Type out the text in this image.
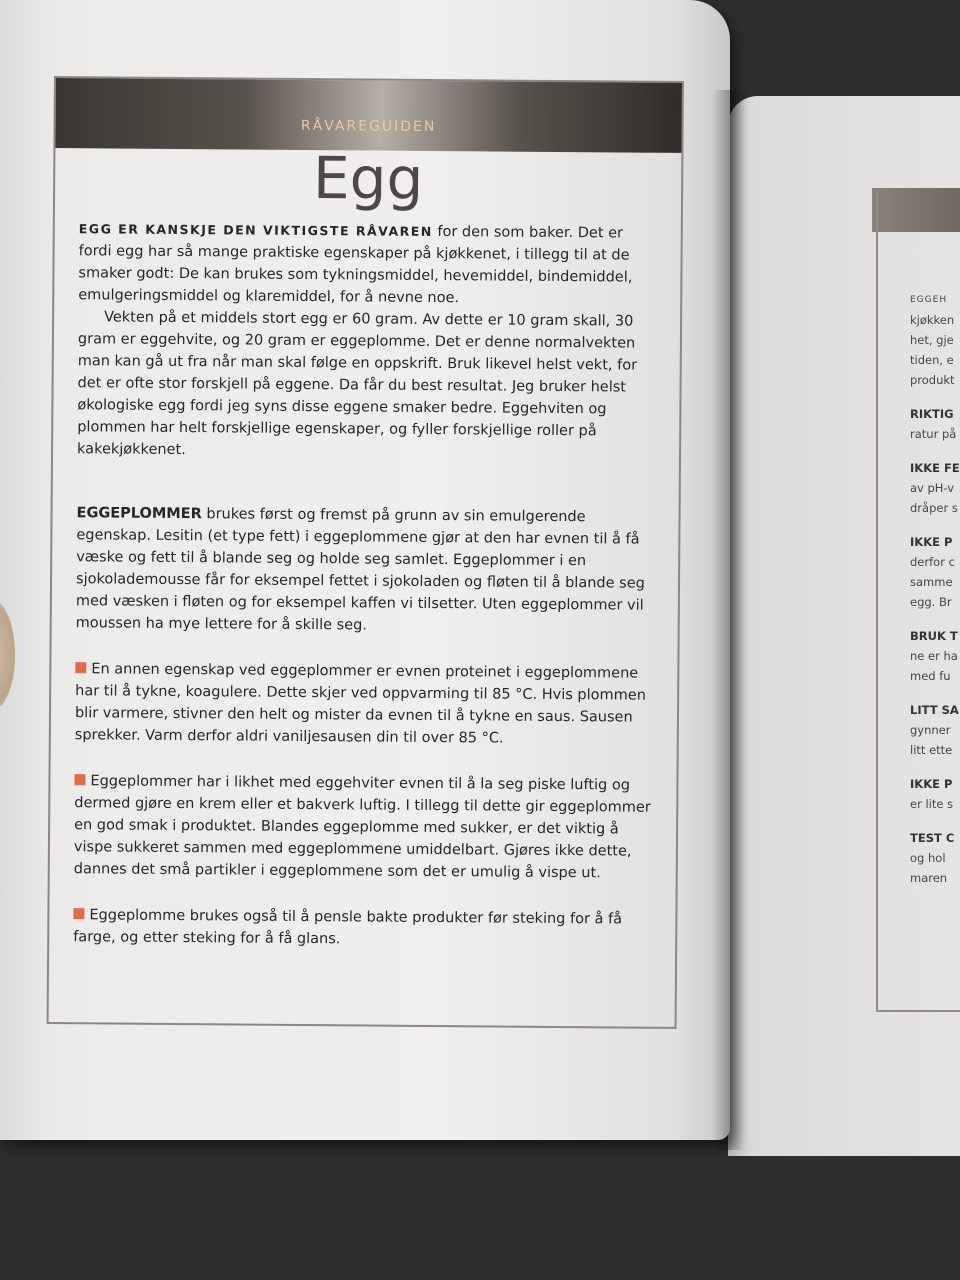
EGGEH
kjøkken
het, gje
tiden, e
produkt
RIKTIG
ratur på
IKKE FE
av pH-v
dråper s
IKKE P
derfor c
samme
egg. Br
BRUK T
ne er ha
med fu
LITT SA
gynner
litt ette
IKKE P
er lite s
TEST C
og hol
maren
RÅVAREGUIDEN
Egg

EGG ER KANSKJE DEN VIKTIGSTE RÅVAREN for den som baker. Det er fordi egg har så mange praktiske egenskaper på kjøkkenet, i tillegg til at de smaker godt: De kan brukes som tykningsmiddel, hevemiddel, bindemiddel, emulgeringsmiddel og klaremiddel, for å nevne noe.

Vekten på et middels stort egg er 60 gram. Av dette er 10 gram skall, 30 gram er eggehvite, og 20 gram er eggeplomme. Det er denne normalvekten man kan gå ut fra når man skal følge en oppskrift. Bruk likevel helst vekt, for det er ofte stor forskjell på eggene. Da får du best resultat. Jeg bruker helst økologiske egg fordi jeg syns disse eggene smaker bedre. Eggehviten og plommen har helt forskjellige egenskaper, og fyller forskjellige roller på kakekjøkkenet.

EGGEPLOMMER brukes først og fremst på grunn av sin emulgerende egenskap. Lesitin (et type fett) i eggeplommene gjør at den har evnen til å få væske og fett til å blande seg og holde seg samlet. Eggeplommer i en sjokolademousse får for eksempel fettet i sjokoladen og fløten til å blande seg med væsken i fløten og for eksempel kaffen vi tilsetter. Uten eggeplommer vil moussen ha mye lettere for å skille seg.

En annen egenskap ved eggeplommer er evnen proteinet i eggeplommene har til å tykne, koagulere. Dette skjer ved oppvarming til 85 °C. Hvis plommen blir varmere, stivner den helt og mister da evnen til å tykne en saus. Sausen sprekker. Varm derfor aldri vaniljesausen din til over 85 °C.

Eggeplommer har i likhet med eggehviter evnen til å la seg piske luftig og dermed gjøre en krem eller et bakverk luftig. I tillegg til dette gir eggeplommer en god smak i produktet. Blandes eggeplomme med sukker, er det viktig å vispe sukkeret sammen med eggeplommene umiddelbart. Gjøres ikke dette, dannes det små partikler i eggeplommene som det er umulig å vispe ut.

Eggeplomme brukes også til å pensle bakte produkter før steking for å få farge, og etter steking for å få glans.
